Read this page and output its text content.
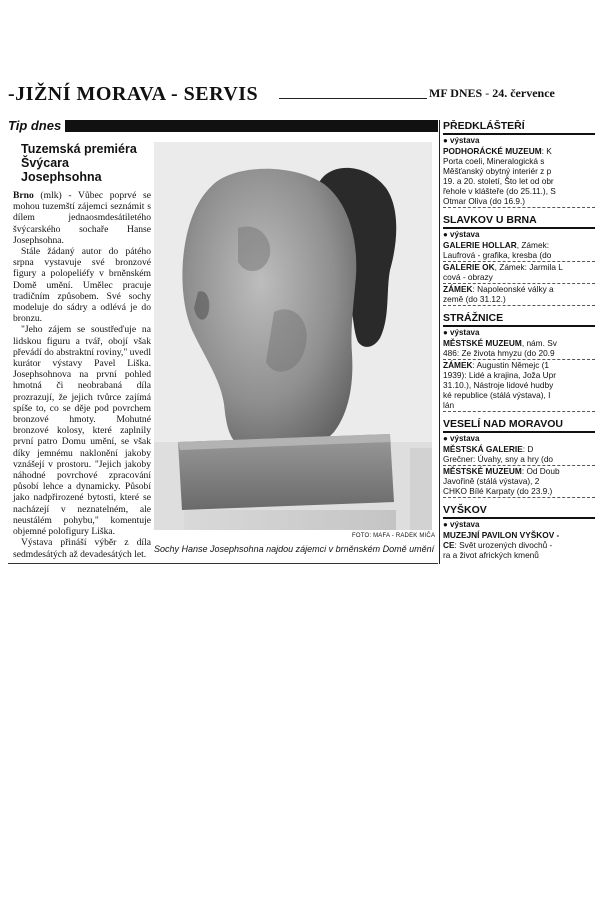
-JIŽNÍ MORAVA - SERVIS	MF DNES - 24. července
Tip dnes
Tuzemská premiéra Švýcara Josephsohna

Brno (mlk) - Vůbec poprvé se mohou tuzemští zájemci seznámit s dílem jednaosmdesátiletého švýcarského sochaře Hanse Josephsohna.

Stále žádaný autor do pátého srpna vystavuje své bronzové figury a polореliéfy v brněnském Domě umění. Umělec pracuje tradičním způsobem. Své sochy modeluje do sádry a odlévá je do bronzu.

"Jeho zájem se soustřeďuje na lidskou figuru a tvář, obojí však převádí do abstraktní roviny," uvedl kurátor výstavy Pavel Liška. Josephsohnova na první pohled hmotná či neobrabaná díla prozrazují, že jejich tvůrce zajímá spíše to, co se děje pod povrchem bronzové hmoty. Mohutné bronzové kolosy, které zaplnily první patro Domu umění, se však díky jemnému naklonění jakoby vznášejí v prostoru. "Jejich jakoby náhodné povrchové zpracování působí lehce a dynamicky. Působí jako nadpřirozené bytosti, které se nacházejí v neznatelném, ale neustálém pohybu," komentuje objemné polofigury Liška.

Výstava přináší výběr z díla sedmdesátých až devadesátých let.

FOTO: MAFA - RADEK MIČA
Sochy Hanse Josephsohna najdou zájemci v brněnském Domě umění
PŘEDKLÁŠTEŘÍ
● výstava
PODHORÁCKÉ MUZEUM: K
Porta coeli, Mineralogická s
Měšťanský obytný interiér z p
19. a 20. století, Što let od obr
řeholе v klášteře (do 25.11.), S
Otmar Oliva (do 16.9.)
SLAVKOV U BRNA
● výstava
GALERIE HOLLAR, Zámek:
Laufrová - grafika, kresba (do
GALERIE OK, Zámek: Jarmila L
cová - obrazy
ZÁMEK: Napoleonské války a
země (do 31.12.)
STRÁŽNICE
● výstava
MĚSTSKÉ MUZEUM, nám. Sv
486: Ze života hmyzu (do 20.9
ZÁMEK: Augustin Němejc (1
1939): Lidé a krajina, Joža Upr
31.10.), Nástroje lidové hudby
ké republice (stálá výstava), I
lán
VESELÍ NAD MORAVOU
● výstava
MĚSTSKÁ GALERIE: D
Grečner: Úvahy, sny a hry (do
MĚSTSKÉ MUZEUM: Od Doub
Javořině (stálá výstava), 2
CHKO Bílé Karpaty (do 23.9.)
VYŠKOV
● výstava
MUZEJNÍ PAVILON VYŠKOV -
CE: Svět urozených divochů -
ra a život afrických kmenů
